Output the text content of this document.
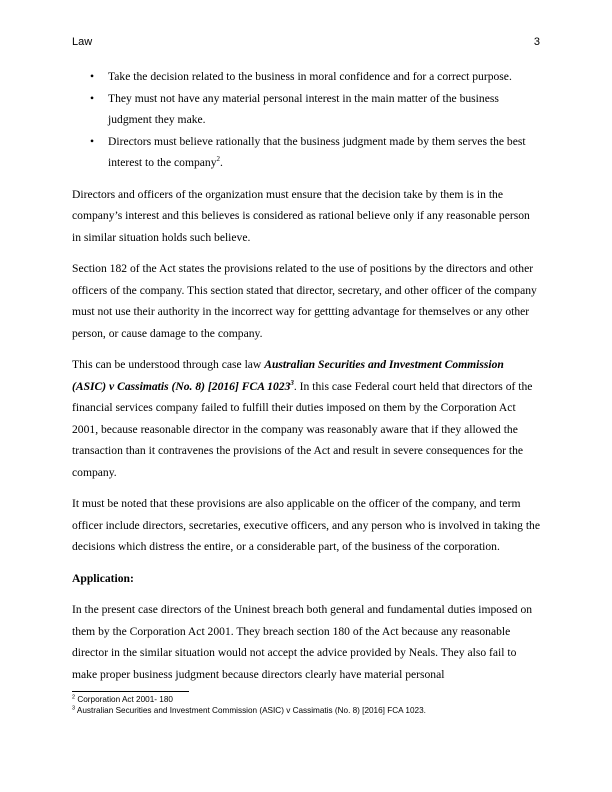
Law	3
• Take the decision related to the business in moral confidence and for a correct purpose.
• They must not have any material personal interest in the main matter of the business judgment they make.
• Directors must believe rationally that the business judgment made by them serves the best interest to the company$^2$.

Directors and officers of the organization must ensure that the decision take by them is in the company’s interest and this believes is considered as rational believe only if any reasonable person in similar situation holds such believe.

Section 182 of the Act states the provisions related to the use of positions by the directors and other officers of the company. This section stated that director, secretary, and other officer of the company must not use their authority in the incorrect way for gettting advantage for themselves or any other person, or cause damage to the company.

This can be understood through case law Australian Securities and Investment Commission (ASIC) v Cassimatis (No. 8) [2016] FCA 1023$^3$. In this case Federal court held that directors of the financial services company failed to fulfill their duties imposed on them by the Corporation Act 2001, because reasonable director in the company was reasonably aware that if they allowed the transaction than it contravenes the provisions of the Act and result in severe consequences for the company.

It must be noted that these provisions are also applicable on the officer of the company, and term officer include directors, secretaries, executive officers, and any person who is involved in taking the decisions which distress the entire, or a considerable part, of the business of the corporation.

Application:

In the present case directors of the Uninest breach both general and fundamental duties imposed on them by the Corporation Act 2001. They breach section 180 of the Act because any reasonable director in the similar situation would not accept the advice provided by Neals. They also fail to make proper business judgment because directors clearly have material personal

$^2$ Corporation Act 2001- 180
$^3$ Australian Securities and Investment Commission (ASIC) v Cassimatis (No. 8) [2016] FCA 1023.
